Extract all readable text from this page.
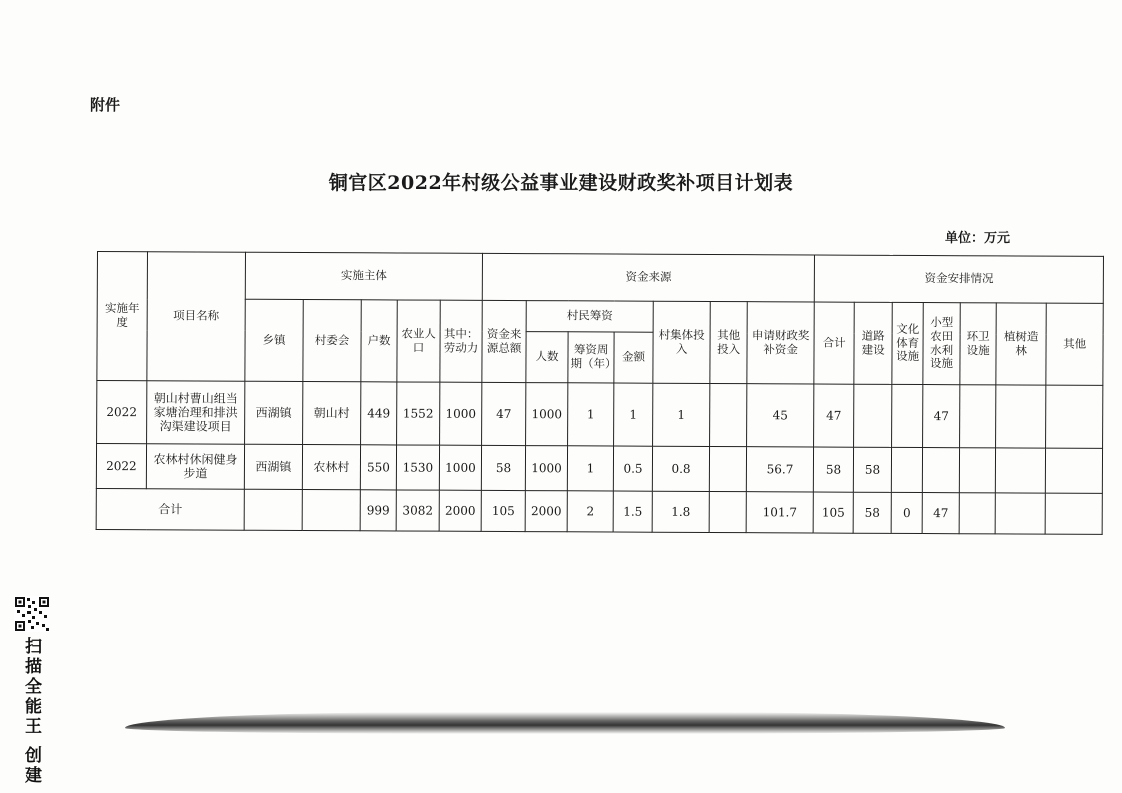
附件
铜官区2022年村级公益事业建设财政奖补项目计划表
单位：万元
实施年度	项目名称	实施主体					资金来源							资金安排情况						
		乡镇	村委会	户数	农业人口	其中：劳动力	资金来源总额	村民筹资			村集体投入	其他投入	申请财政奖补资金	合计	道路建设	文化体育设施	小型农田水利设施	环卫设施	植树造林	其他
								人数	筹资周期（年）	金额										
2022	朝山村曹山组当家塘治理和排洪沟渠建设项目	西湖镇	朝山村	449	1552	1000	47	1000	1	1	1		45	47			47			
2022	农林村休闲健身步道	西湖镇	农林村	550	1530	1000	58	1000	1	0.5	0.8		56.7	58	58					
合计				999	3082	2000	105	2000	2	1.5	1.8		101.7	105	58	0	47			
扫描全能王 创建
